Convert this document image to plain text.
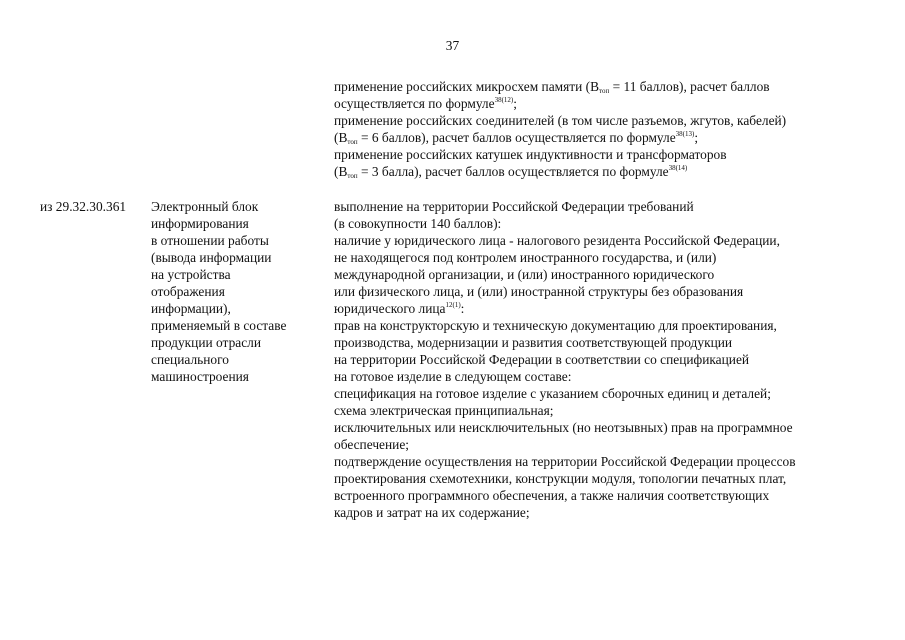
37
применение российских микросхем памяти ($В_{топ} = 11$ баллов), расчет баллов
осуществляется по формуле$^{38(12)}$;
применение российских соединителей (в том числе разъемов, жгутов, кабелей)
($В_{топ} = 6$ баллов), расчет баллов осуществляется по формуле$^{38(13)}$;
применение российских катушек индуктивности и трансформаторов
($В_{топ} = 3$ балла), расчет баллов осуществляется по формуле$^{38(14)}$
из 29.32.30.361 Электронный блок
информирования
в отношении работы
(вывода информации
на устройства
отображения
информации),
применяемый в составе
продукции отрасли
специального
машиностроения
выполнение на территории Российской Федерации требований
(в совокупности 140 баллов):
наличие у юридического лица - налогового резидента Российской Федерации,
не находящегося под контролем иностранного государства, и (или)
международной организации, и (или) иностранного юридического
или физического лица, и (или) иностранной структуры без образования
юридического лица$^{12(1)}$:
прав на конструкторскую и техническую документацию для проектирования,
производства, модернизации и развития соответствующей продукции
на территории Российской Федерации в соответствии со спецификацией
на готовое изделие в следующем составе:
спецификация на готовое изделие с указанием сборочных единиц и деталей;
схема электрическая принципиальная;
исключительных или неисключительных (но неотзывных) прав на программное
обеспечение;
подтверждение осуществления на территории Российской Федерации процессов
проектирования схемотехники, конструкции модуля, топологии печатных плат,
встроенного программного обеспечения, а также наличия соответствующих
кадров и затрат на их содержание;
